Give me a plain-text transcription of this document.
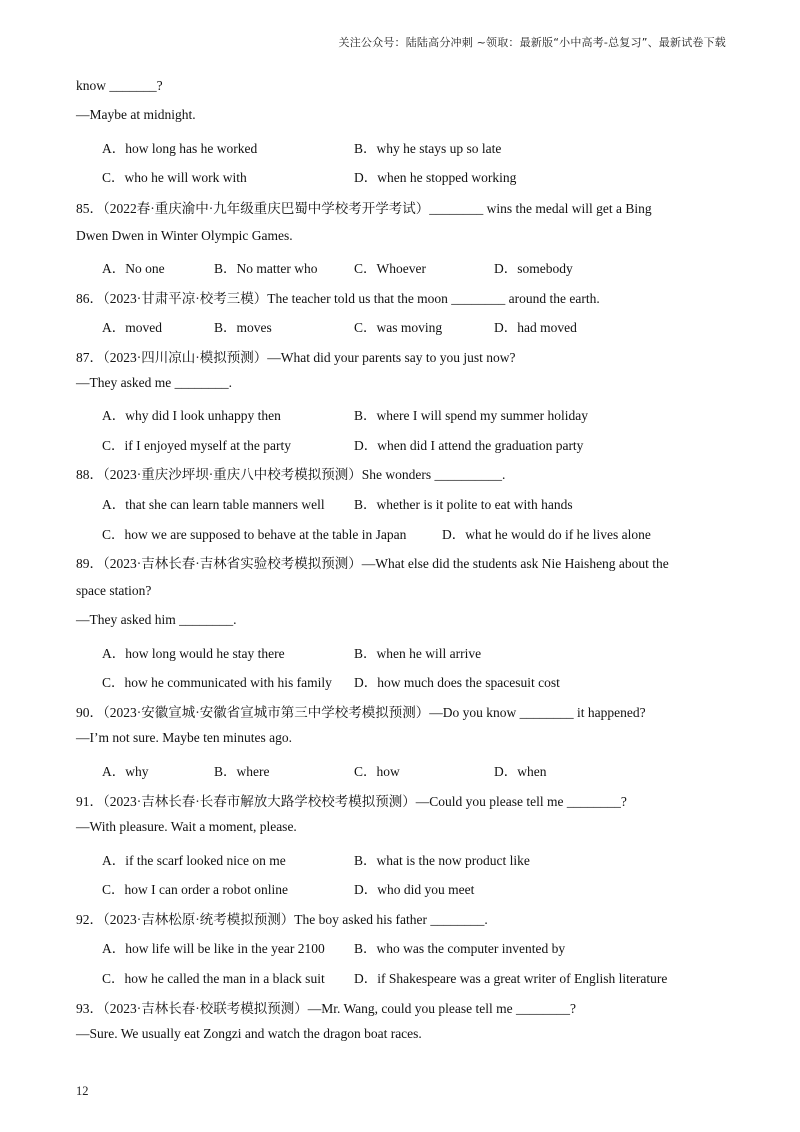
关注公众号：陆陆高分冲刺 ~领取：最新版“小中高考-总复习”、最新试卷下载
know _______?
—Maybe at midnight.
A．how long has he worked	B．why he stays up so late
C．who he will work with	D．when he stopped working
85．（2022春·重庆渝中·九年级重庆巴蜀中学校考开学考试）________ wins the medal will get a Bing
Dwen Dwen in Winter Olympic Games.
A．No one	B．No matter who	C．Whoever	D．somebody
86．（2023·甘肃平凉·校考三模）The teacher told us that the moon ________ around the earth.
A．moved	B．moves	C．was moving	D．had moved
87．（2023·四川凉山·模拟预测）—What did your parents say to you just now?
—They asked me ________.
A．why did I look unhappy then	B．where I will spend my summer holiday
C．if I enjoyed myself at the party	D．when did I attend the graduation party
88．（2023·重庆沙坪坝·重庆八中校考模拟预测）She wonders __________.
A．that she can learn table manners well B．whether is it polite to eat with hands
C．how we are supposed to behave at the table in Japan	D．what he would do if he lives alone
89．（2023·吉林长春·吉林省实验校考模拟预测）—What else did the students ask Nie Haisheng about the
space station?
—They asked him ________.
A．how long would he stay there	B．when he will arrive
C．how he communicated with his family D．how much does the spacesuit cost
90．（2023·安徽宣城·安徽省宣城市第三中学校考模拟预测）—Do you know ________ it happened?
—I’m not sure. Maybe ten minutes ago.
A．why	B．where	C．how	D．when
91．（2023·吉林长春·长春市解放大路学校校考模拟预测）—Could you please tell me ________?
—With pleasure. Wait a moment, please.
A．if the scarf looked nice on me	B．what is the now product like
C．how I can order a robot online	D．who did you meet
92．（2023·吉林松原·统考模拟预测）The boy asked his father ________.
A．how life will be like in the year 2100 B．who was the computer invented by
C．how he called the man in a black suit D．if Shakespeare was a great writer of English literature
93．（2023·吉林长春·校联考模拟预测）—Mr. Wang, could you please tell me ________?
—Sure. We usually eat Zongzi and watch the dragon boat races.
12
